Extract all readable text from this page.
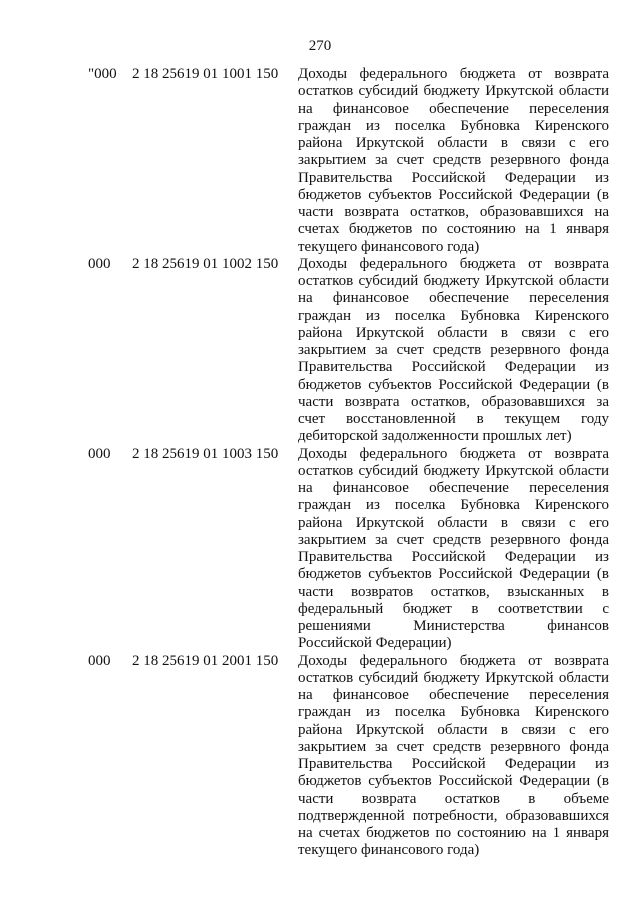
270
"000 2 18 25619 01 1001 150 Доходы федерального бюджета от возврата
остатков субсидий бюджету Иркутской области
на финансовое обеспечение переселения
граждан из поселка Бубновка Киренского
района Иркутской области в связи с его
закрытием за счет средств резервного фонда
Правительства Российской Федерации из
бюджетов субъектов Российской Федерации (в
части возврата остатков, образовавшихся на
счетах бюджетов по состоянию на 1 января
текущего финансового года)
000 2 18 25619 01 1002 150 Доходы федерального бюджета от возврата
остатков субсидий бюджету Иркутской области
на финансовое обеспечение переселения
граждан из поселка Бубновка Киренского
района Иркутской области в связи с его
закрытием за счет средств резервного фонда
Правительства Российской Федерации из
бюджетов субъектов Российской Федерации (в
части возврата остатков, образовавшихся за
счет восстановленной в текущем году
дебиторской задолженности прошлых лет)
000 2 18 25619 01 1003 150 Доходы федерального бюджета от возврата
остатков субсидий бюджету Иркутской области
на финансовое обеспечение переселения
граждан из поселка Бубновка Киренского
района Иркутской области в связи с его
закрытием за счет средств резервного фонда
Правительства Российской Федерации из
бюджетов субъектов Российской Федерации (в
части возвратов остатков, взысканных в
федеральный бюджет в соответствии с
решениями Министерства финансов
Российской Федерации)
000 2 18 25619 01 2001 150 Доходы федерального бюджета от возврата
остатков субсидий бюджету Иркутской области
на финансовое обеспечение переселения
граждан из поселка Бубновка Киренского
района Иркутской области в связи с его
закрытием за счет средств резервного фонда
Правительства Российской Федерации из
бюджетов субъектов Российской Федерации (в
части возврата остатков в объеме
подтвержденной потребности, образовавшихся
на счетах бюджетов по состоянию на 1 января
текущего финансового года)
